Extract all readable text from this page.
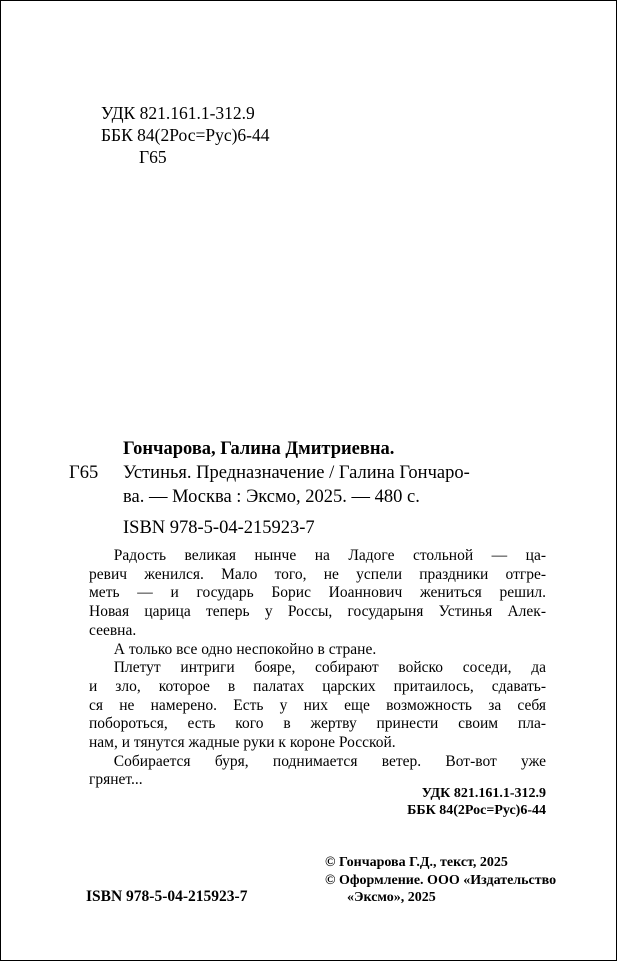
УДК 821.161.1-312.9
ББК 84(2Рос=Рус)6-44
Г65
Гончарова, Галина Дмитриевна.
Г65 Устинья. Предназначение / Галина Гончаро-
ва. — Москва : Эксмо, 2025. — 480 с.
ISBN 978-5-04-215923-7
Радость великая нынче на Ладоге стольной — ца-
ревич женился. Мало того, не успели праздники отгре-
меть — и государь Борис Иоаннович жениться решил.
Новая царица теперь у Россы, государыня Устинья Алек-
сеевна.
А только все одно неспокойно в стране.
Плетут интриги бояре, собирают войско соседи, да
и зло, которое в палатах царских притаилось, сдавать-
ся не намерено. Есть у них еще возможность за себя
побороться, есть кого в жертву принести своим пла-
нам, и тянутся жадные руки к короне Росской.
Собирается буря, поднимается ветер. Вот-вот уже
грянет...
УДК 821.161.1-312.9
ББК 84(2Рос=Рус)6-44
© Гончарова Г.Д., текст, 2025
© Оформление. ООО «Издательство
«Эксмо», 2025
ISBN 978-5-04-215923-7
